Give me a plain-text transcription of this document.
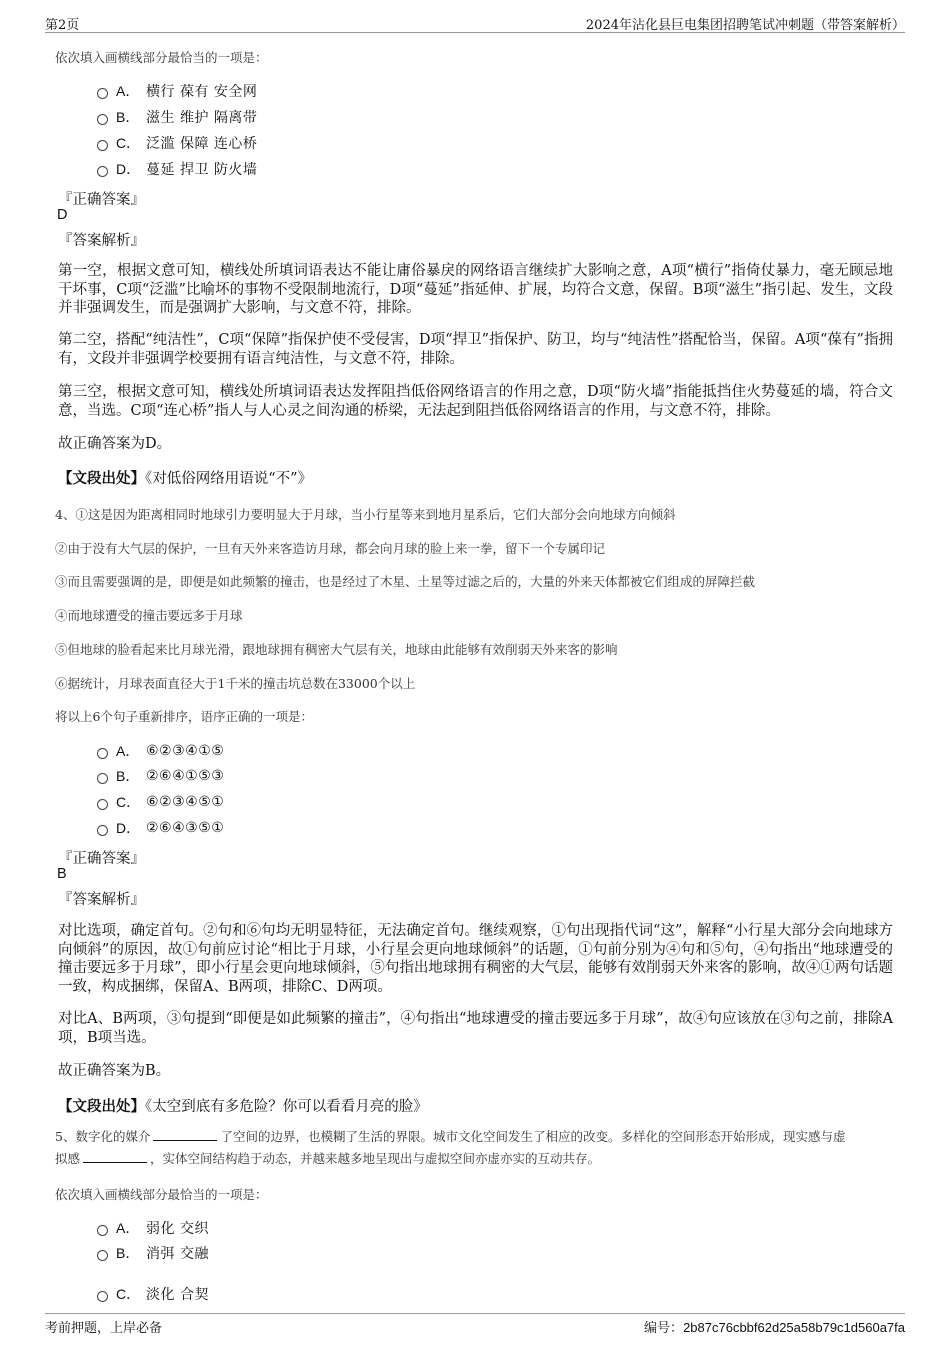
第2页	2024年沾化县巨电集团招聘笔试冲刺题（带答案解析）
依次填入画横线部分最恰当的一项是：
A． 横行 葆有 安全网
B． 滋生 维护 隔离带
C． 泛滥 保障 连心桥
D． 蔓延 捍卫 防火墙
『正确答案』
D
『答案解析』
第一空，根据文意可知，横线处所填词语表达不能让庸俗暴戾的网络语言继续扩大影响之意，A项“横行”指倚仗暴力，毫无顾忌地干坏事，C项“泛滥”比喻坏的事物不受限制地流行，D项“蔓延”指延伸、扩展，均符合文意，保留。B项“滋生”指引起、发生，文段并非强调发生，而是强调扩大影响，与文意不符，排除。
第二空，搭配“纯洁性”，C项“保障”指保护使不受侵害，D项“捍卫”指保护、防卫，均与“纯洁性”搭配恰当，保留。A项“葆有”指拥有，文段并非强调学校要拥有语言纯洁性，与文意不符，排除。
第三空，根据文意可知，横线处所填词语表达发挥阻挡低俗网络语言的作用之意，D项“防火墙”指能抵挡住火势蔓延的墙，符合文意，当选。C项“连心桥”指人与人心灵之间沟通的桥梁，无法起到阻挡低俗网络语言的作用，与文意不符，排除。
故正确答案为D。
【文段出处】《对低俗网络用语说“不”》
4、①这是因为距离相同时地球引力要明显大于月球，当小行星等来到地月星系后，它们大部分会向地球方向倾斜
②由于没有大气层的保护，一旦有天外来客造访月球，都会向月球的脸上来一拳，留下一个专属印记
③而且需要强调的是，即便是如此频繁的撞击，也是经过了木星、土星等过滤之后的，大量的外来天体都被它们组成的屏障拦截
④而地球遭受的撞击要远多于月球
⑤但地球的脸看起来比月球光滑，跟地球拥有稠密大气层有关，地球由此能够有效削弱天外来客的影响
⑥据统计，月球表面直径大于1千米的撞击坑总数在33000个以上
将以上6个句子重新排序，语序正确的一项是：
A． ⑥②③④①⑤
B． ②⑥④①⑤③
C． ⑥②③④⑤①
D． ②⑥④③⑤①
『正确答案』
B
『答案解析』
对比选项，确定首句。②句和⑥句均无明显特征，无法确定首句。继续观察，①句出现指代词“这”，解释“小行星大部分会向地球方向倾斜”的原因，故①句前应讨论“相比于月球，小行星会更向地球倾斜”的话题，①句前分别为④句和⑤句，④句指出“地球遭受的撞击要远多于月球”，即小行星会更向地球倾斜，⑤句指出地球拥有稠密的大气层，能够有效削弱天外来客的影响，故④①两句话题一致，构成捆绑，保留A、B两项，排除C、D两项。
对比A、B两项，③句提到“即便是如此频繁的撞击”，④句指出“地球遭受的撞击要远多于月球”，故④句应该放在③句之前，排除A项，B项当选。
故正确答案为B。
【文段出处】《太空到底有多危险？你可以看看月亮的脸》
5、数字化的媒介	了空间的边界，也模糊了生活的界限。城市文化空间发生了相应的改变。多样化的空间形态开始形成，现实感与虚
拟感	，实体空间结构趋于动态，并越来越多地呈现出与虚拟空间亦虚亦实的互动共存。
依次填入画横线部分最恰当的一项是：
A． 弱化 交织
B． 消弭 交融
C． 淡化 合契
考前押题，上岸必备	编号：2b87c76cbbf62d25a58b79c1d560a7fa
